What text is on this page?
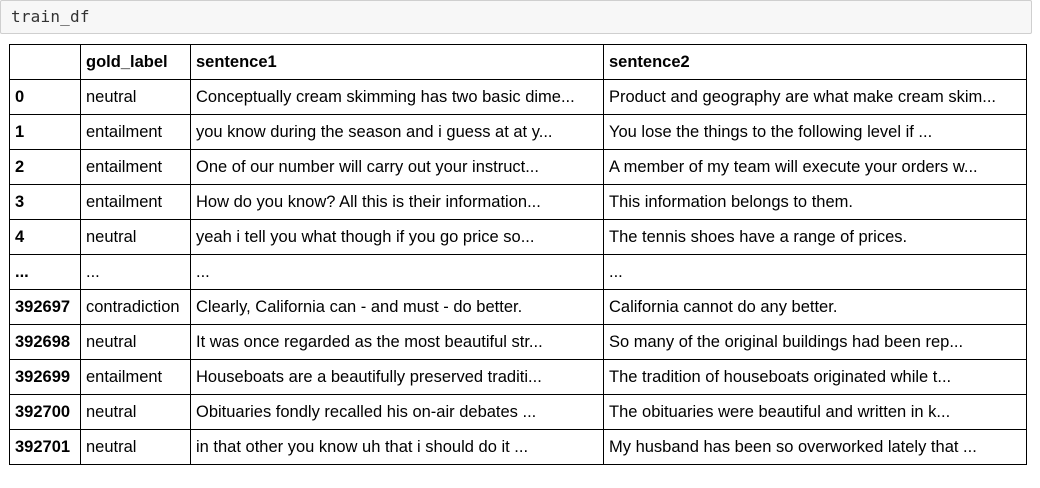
train_df
	gold_label	sentence1	sentence2
0	neutral	Conceptually cream skimming has two basic dime...	Product and geography are what make cream skim...
1	entailment	you know during the season and i guess at at y...	You lose the things to the following level if ...
2	entailment	One of our number will carry out your instruct...	A member of my team will execute your orders w...
3	entailment	How do you know? All this is their information...	This information belongs to them.
4	neutral	yeah i tell you what though if you go price so...	The tennis shoes have a range of prices.
...	...	...	...
392697	contradiction	Clearly, California can - and must - do better.	California cannot do any better.
392698	neutral	It was once regarded as the most beautiful str...	So many of the original buildings had been rep...
392699	entailment	Houseboats are a beautifully preserved traditi...	The tradition of houseboats originated while t...
392700	neutral	Obituaries fondly recalled his on-air debates ...	The obituaries were beautiful and written in k...
392701	neutral	in that other you know uh that i should do it ...	My husband has been so overworked lately that ...
